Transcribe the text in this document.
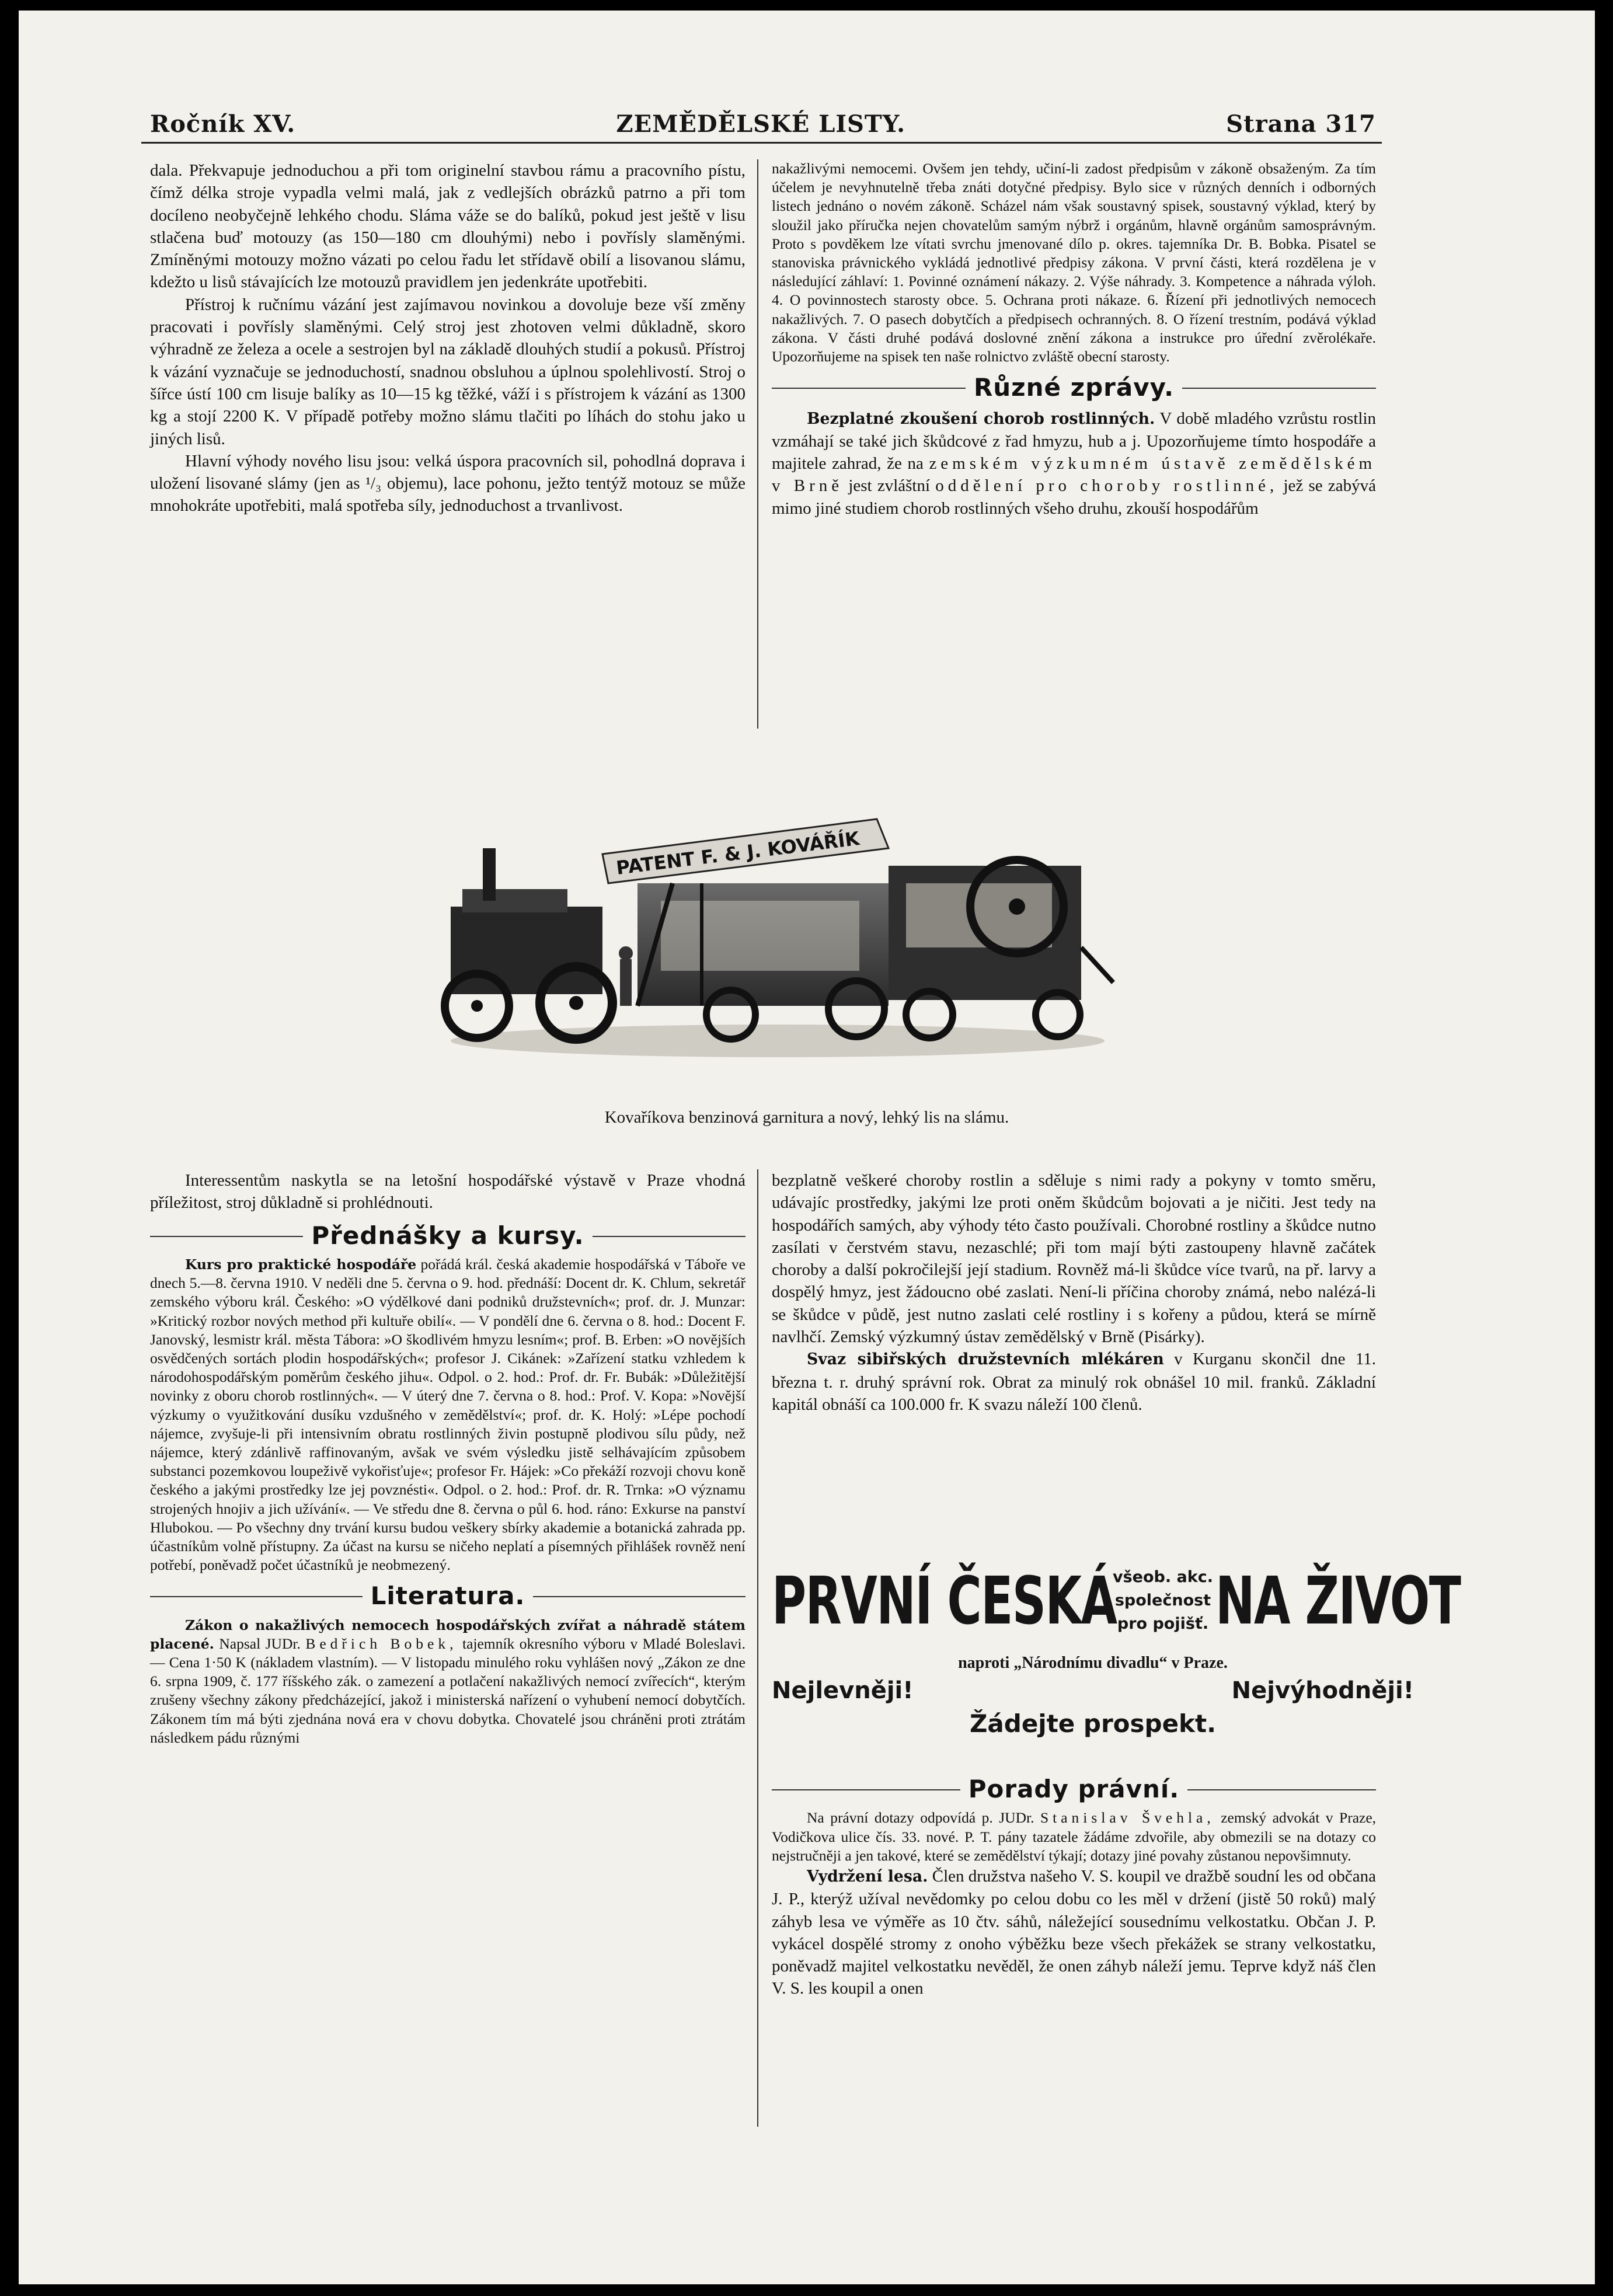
Ročník XV.	ZEMĚDĚLSKÉ LISTY.	Strana 317

dala. Překvapuje jednoduchou a při tom originelní stavbou rámu a pracovního pístu, čímž délka stroje vypadla velmi malá, jak z vedlejších obrázků patrno a při tom docíleno neobyčejně lehkého chodu. Sláma váže se do balíků, pokud jest ještě v lisu stlačena buď motouzy (as 150—180 cm dlouhými) nebo i povřísly slaměnými. Zmíněnými motouzy možno vázati po celou řadu let střídavě obilí a lisovanou slámu, kdežto u lisů stávajících lze motouzů pravidlem jen jedenkráte upotřebiti.

Přístroj k ručnímu vázání jest zajímavou novinkou a dovoluje beze vší změny pracovati i povřísly slaměnými. Celý stroj jest zhotoven velmi důkladně, skoro výhradně ze železa a ocele a sestrojen byl na základě dlouhých studií a pokusů. Přístroj k vázání vyznačuje se jednoduchostí, snadnou obsluhou a úplnou spolehlivostí. Stroj o šířce ústí 100 cm lisuje balíky as 10—15 kg těžké, váží i s přístrojem k vázání as 1300 kg a stojí 2200 K. V případě potřeby možno slámu tlačiti po líhách do stohu jako u jiných lisů.

Hlavní výhody nového lisu jsou: velká úspora pracovních sil, pohodlná doprava i uložení lisované slámy (jen as ¹/₃ objemu), lace pohonu, ježto tentýž motouz se může mnohokráte upotřebiti, malá spotřeba síly, jednoduchost a trvanlivost.

nakažlivými nemocemi. Ovšem jen tehdy, učiní-li zadost předpisům v zákoně obsaženým. Za tím účelem je nevyhnutelně třeba znáti dotyčné předpisy. Bylo sice v různých denních i odborných listech jednáno o novém zákoně. Scházel nám však soustavný spisek, soustavný výklad, který by sloužil jako příručka nejen chovatelům samým nýbrž i orgánům, hlavně orgánům samosprávným. Proto s povděkem lze vítati svrchu jmenované dílo p. okres. tajemníka Dr. B. Bobka. Pisatel se stanoviska právnického vykládá jednotlivé předpisy zákona. V první části, která rozdělena je v následující záhlaví: 1. Povinné oznámení nákazy. 2. Výše náhrady. 3. Kompetence a náhrada výloh. 4. O povinnostech starosty obce. 5. Ochrana proti nákaze. 6. Řízení při jednotlivých nemocech nakažlivých. 7. O pasech dobytčích a předpisech ochranných. 8. O řízení trestním, podává výklad zákona. V části druhé podává doslovné znění zákona a instrukce pro úřední zvěrolékaře. Upozorňujeme na spisek ten naše rolnictvo zvláště obecní starosty.

Různé zprávy.

Bezplatné zkoušení chorob rostlinných. V době mladého vzrůstu rostlin vzmáhají se také jich škůdcové z řad hmyzu, hub a j. Upozorňujeme tímto hospodáře a majitele zahrad, že na zemském výzkumném ústavě zemědělském v Brně jest zvláštní oddělení pro choroby rostlinné, jež se zabývá mimo jiné studiem chorob rostlinných všeho druhu, zkouší hospodářům

PATENT F. & J. KOVÁŘÍK
Kovaříkova benzinová garnitura a nový, lehký lis na slámu.

Interessentům naskytla se na letošní hospodářské výstavě v Praze vhodná příležitost, stroj důkladně si prohlédnouti.

Přednášky a kursy.

Kurs pro praktické hospodáře pořádá král. česká akademie hospodářská v Táboře ve dnech 5.—8. června 1910. V neděli dne 5. června o 9. hod. přednáší: Docent dr. K. Chlum, sekretář zemského výboru král. Českého: »O výdělkové dani podniků družstevních«; prof. dr. J. Munzar: »Kritický rozbor nových method při kultuře obilí«. — V pondělí dne 6. června o 8. hod.: Docent F. Janovský, lesmistr král. města Tábora: »O škodlivém hmyzu lesním«; prof. B. Erben: »O novějších osvědčených sortách plodin hospodářských«; profesor J. Cikánek: »Zařízení statku vzhledem k národohospodářským poměrům českého jihu«. Odpol. o 2. hod.: Prof. dr. Fr. Bubák: »Důležitější novinky z oboru chorob rostlinných«. — V úterý dne 7. června o 8. hod.: Prof. V. Kopa: »Novější výzkumy o využitkování dusíku vzdušného v zemědělství«; prof. dr. K. Holý: »Lépe pochodí nájemce, zvyšuje-li při intensivním obratu rostlinných živin postupně plodivou sílu půdy, než nájemce, který zdánlivě raffinovaným, avšak ve svém výsledku jistě selhávajícím způsobem substanci pozemkovou loupeživě vykořisťuje«; profesor Fr. Hájek: »Co překáží rozvoji chovu koně českého a jakými prostředky lze jej povznésti«. Odpol. o 2. hod.: Prof. dr. R. Trnka: »O významu strojených hnojiv a jich užívání«. — Ve středu dne 8. června o půl 6. hod. ráno: Exkurse na panství Hlubokou. — Po všechny dny trvání kursu budou veškery sbírky akademie a botanická zahrada pp. účastníkům volně přístupny. Za účast na kursu se ničeho neplatí a písemných přihlášek rovněž není potřebí, poněvadž počet účastníků je neobmezený.

Literatura.

Zákon o nakažlivých nemocech hospodářských zvířat a náhradě státem placené. Napsal JUDr. Bedřich Bobek, tajemník okresního výboru v Mladé Boleslavi. — Cena 1·50 K (nákladem vlastním). — V listopadu minulého roku vyhlášen nový „Zákon ze dne 6. srpna 1909, č. 177 říšského zák. o zamezení a potlačení nakažlivých nemocí zvířecích“, kterým zrušeny všechny zákony předcházející, jakož i ministerská nařízení o vyhubení nemocí dobytčích. Zákonem tím má býti zjednána nová era v chovu dobytka. Chovatelé jsou chráněni proti ztrátám následkem pádu různými

bezplatně veškeré choroby rostlin a sděluje s nimi rady a pokyny v tomto směru, udávajíc prostředky, jakými lze proti oněm škůdcům bojovati a je ničiti. Jest tedy na hospodářích samých, aby výhody této často používali. Chorobné rostliny a škůdce nutno zasílati v čerstvém stavu, nezaschlé; při tom mají býti zastoupeny hlavně začátek choroby a další pokročilejší její stadium. Rovněž má-li škůdce více tvarů, na př. larvy a dospělý hmyz, jest žádoucno obé zaslati. Není-li příčina choroby známá, nebo nalézá-li se škůdce v půdě, jest nutno zaslati celé rostliny i s kořeny a půdou, která se mírně navlhčí. Zemský výzkumný ústav zemědělský v Brně (Pisárky).

Svaz sibiřských družstevních mlékáren v Kurganu skončil dne 11. března t. r. druhý správní rok. Obrat za minulý rok obnášel 10 mil. franků. Základní kapitál obnáší ca 100.000 fr. K svazu náleží 100 členů.

PRVNÍ ČESKÁ NA ŽIVOT
všeob. akc.
společnost
pro pojišť.
naproti „Národnímu divadlu“ v Praze.
Nejlevněji!	Nejvýhodněji!
Žádejte prospekt.
Porady právní.

Na právní dotazy odpovídá p. JUDr. Stanislav Švehla, zemský advokát v Praze, Vodičkova ulice čís. 33. nové. P. T. pány tazatele žádáme zdvořile, aby obmezili se na dotazy co nejstručněji a jen takové, které se zemědělství týkají; dotazy jiné povahy zůstanou nepovšimnuty.

Vydržení lesa. Člen družstva našeho V. S. koupil ve dražbě soudní les od občana J. P., kterýž užíval nevědomky po celou dobu co les měl v držení (jistě 50 roků) malý záhyb lesa ve výměře as 10 čtv. sáhů, náležející sousednímu velkostatku. Občan J. P. vykácel dospělé stromy z onoho výběžku beze všech překážek se strany velkostatku, poněvadž majitel velkostatku nevěděl, že onen záhyb náleží jemu. Teprve když náš člen V. S. les koupil a onen
